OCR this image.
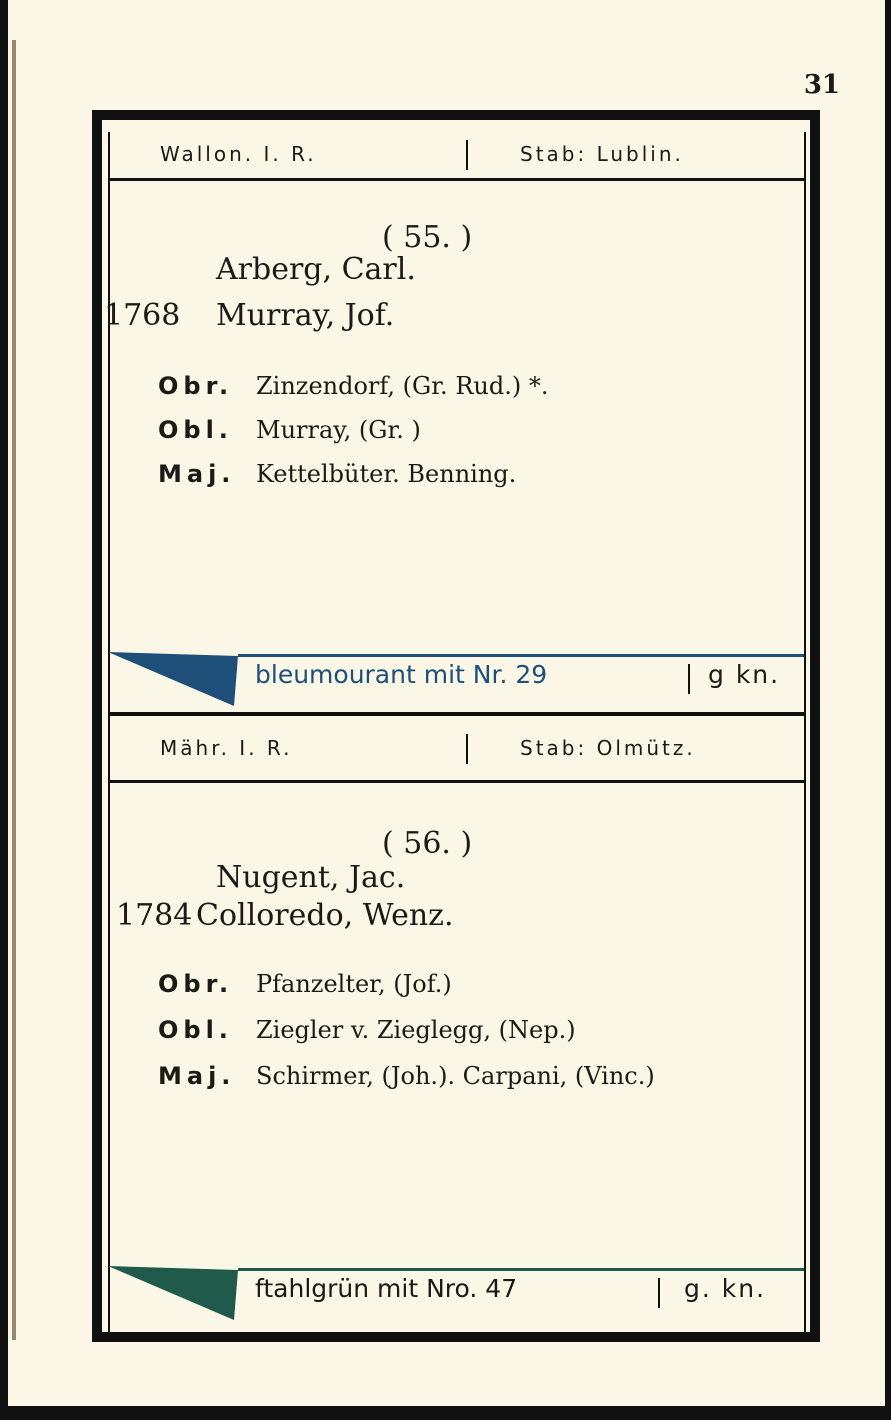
31
Wallon. I. R.	Stab: Lublin.
( 55. )
Arberg, Carl.
1768 Murray, Jof.
Obr. Zinzendorf, (Gr. Rud.) *.
Obl. Murray, (Gr. )
Maj. Kettelbüter. Benning.
bleumourant mit Nr. 29	g kn.
Mähr. I. R.	Stab: Olmütz.
( 56. )
Nugent, Jac.
1784 Colloredo, Wenz.
Obr. Pfanzelter, (Jof.)
Obl. Ziegler v. Zieglegg, (Nep.)
Maj. Schirmer, (Joh.). Carpani, (Vinc.)
ftahlgrün mit Nro. 47	g. kn.
